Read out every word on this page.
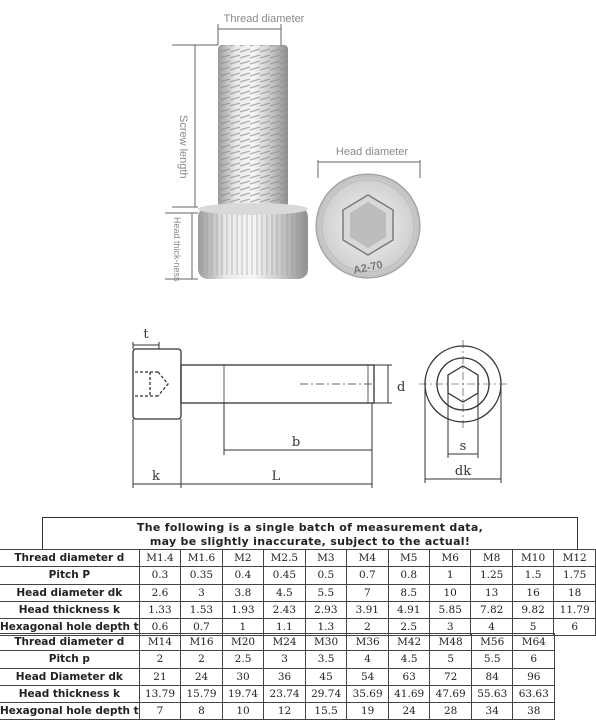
A2-70
Thread diameter
Head diameter
Screw length
Head thick-ness
t
d
b
k	L
s
dk
The following is a single batch of measurement data,
may be slightly inaccurate, subject to the actual!
Thread diameter d	M1.4	M1.6	M2	M2.5	M3	M4	M5	M6	M8	M10	M12
Pitch P	0.3	0.35	0.4	0.45	0.5	0.7	0.8	1	1.25	1.5	1.75
Head diameter dk	2.6	3	3.8	4.5	5.5	7	8.5	10	13	16	18
Head thickness k	1.33	1.53	1.93	2.43	2.93	3.91	4.91	5.85	7.82	9.82	11.79
Hexagonal hole depth t	0.6	0.7	1	1.1	1.3	2	2.5	3	4	5	6
Thread diameter d	M14	M16	M20	M24	M30	M36	M42	M48	M56	M64	
Pitch p	2	2	2.5	3	3.5	4	4.5	5	5.5	6	
Head Diameter dk	21	24	30	36	45	54	63	72	84	96	
Head thickness k	13.79	15.79	19.74	23.74	29.74	35.69	41.69	47.69	55.63	63.63	
Hexagonal hole depth t	7	8	10	12	15.5	19	24	28	34	38	
